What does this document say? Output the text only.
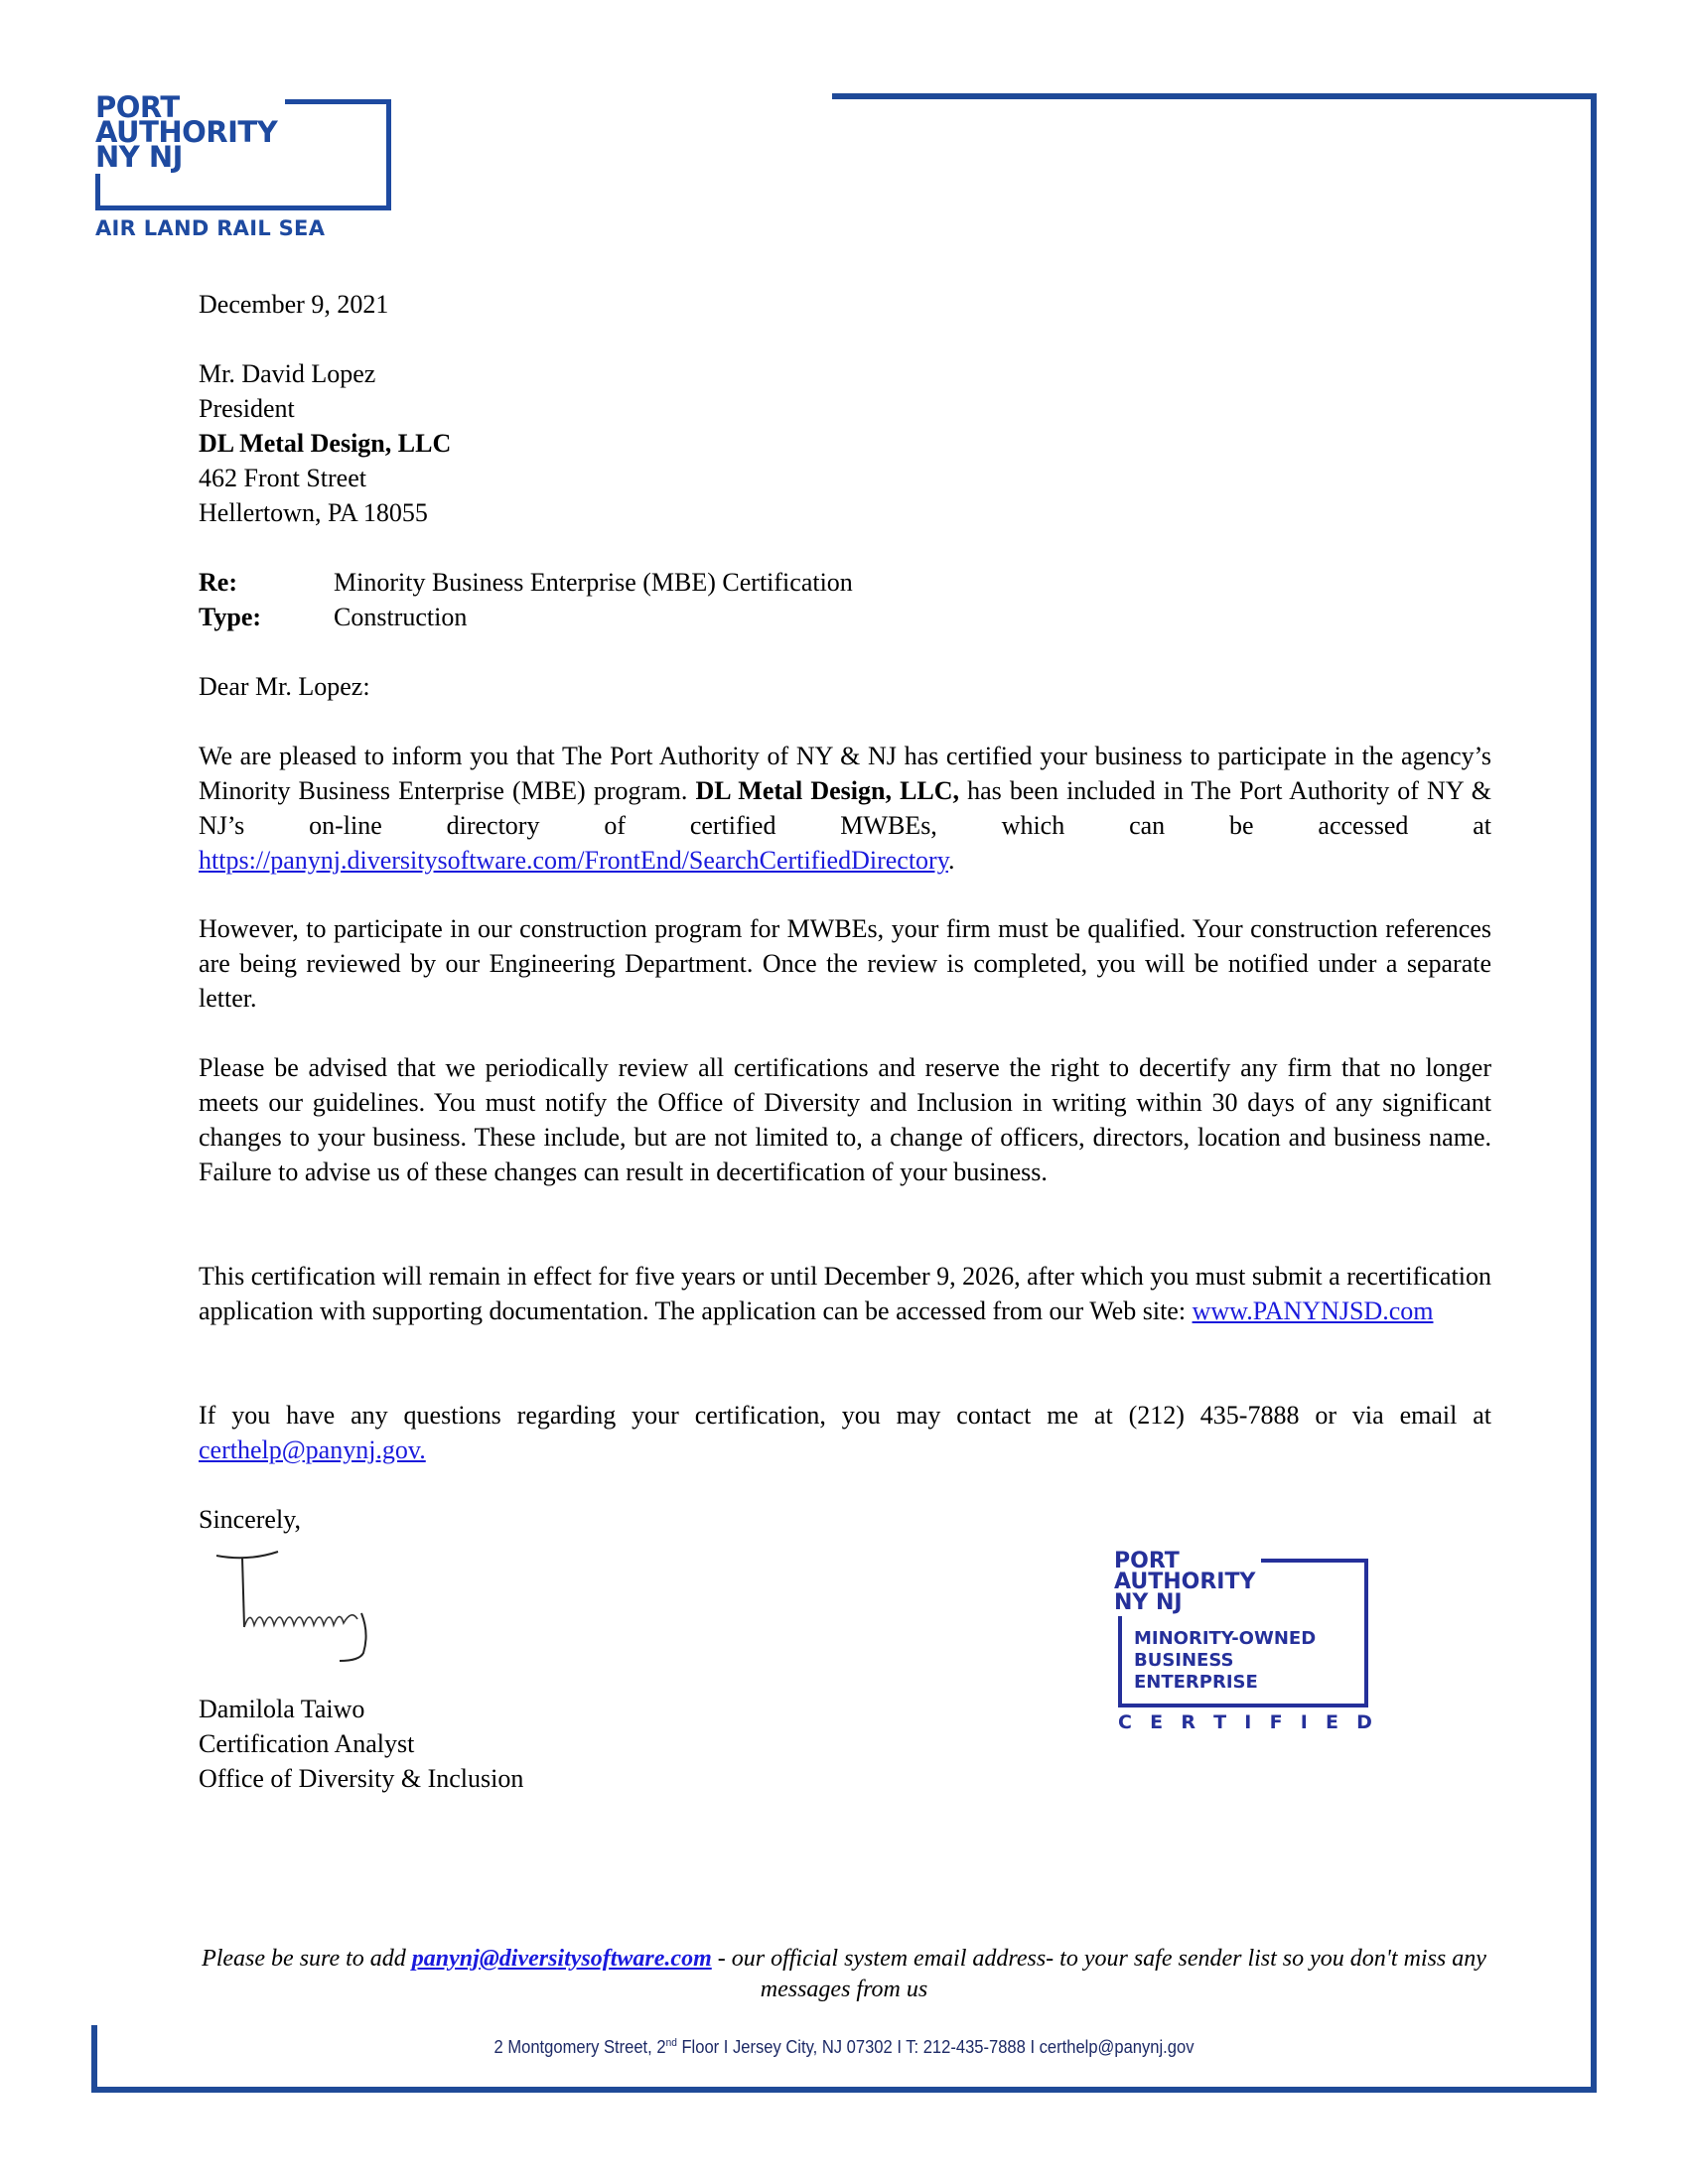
PORT
AUTHORITY
NY NJ
AIR LAND RAIL SEA
December 9, 2021
Mr. David Lopez
President
DL Metal Design, LLC
462 Front Street
Hellertown, PA 18055
Re:	Minority Business Enterprise (MBE) Certification
Type:	Construction
Dear Mr. Lopez:

We are pleased to inform you that The Port Authority of NY & NJ has certified your business to participate in the agency’s Minority Business Enterprise (MBE) program. DL Metal Design, LLC, has been included in The Port Authority of NY & NJ’s on-line directory of certified MWBEs, which can be accessed at https://panynj.diversitysoftware.com/FrontEnd/SearchCertifiedDirectory.

However, to participate in our construction program for MWBEs, your firm must be qualified. Your construction references are being reviewed by our Engineering Department. Once the review is completed, you will be notified under a separate letter.

Please be advised that we periodically review all certifications and reserve the right to decertify any firm that no longer meets our guidelines. You must notify the Office of Diversity and Inclusion in writing within 30 days of any significant changes to your business. These include, but are not limited to, a change of officers, directors, location and business name. Failure to advise us of these changes can result in decertification of your business.

This certification will remain in effect for five years or until December 9, 2026, after which you must submit a recertification application with supporting documentation. The application can be accessed from our Web site: www.PANYNJSD.com

If you have any questions regarding your certification, you may contact me at (212) 435-7888 or via email at certhelp@panynj.gov.

Sincerely,
Damilola Taiwo
Certification Analyst
Office of Diversity & Inclusion
PORT
AUTHORITY
NY NJ
MINORITY-OWNED
BUSINESS
ENTERPRISE
C E R T I F I E D
Please be sure to add panynj@diversitysoftware.com - our official system email address- to your safe sender list so you don't miss any messages from us
2 Montgomery Street, 2nd Floor I Jersey City, NJ 07302 I T: 212-435-7888 I certhelp@panynj.gov
